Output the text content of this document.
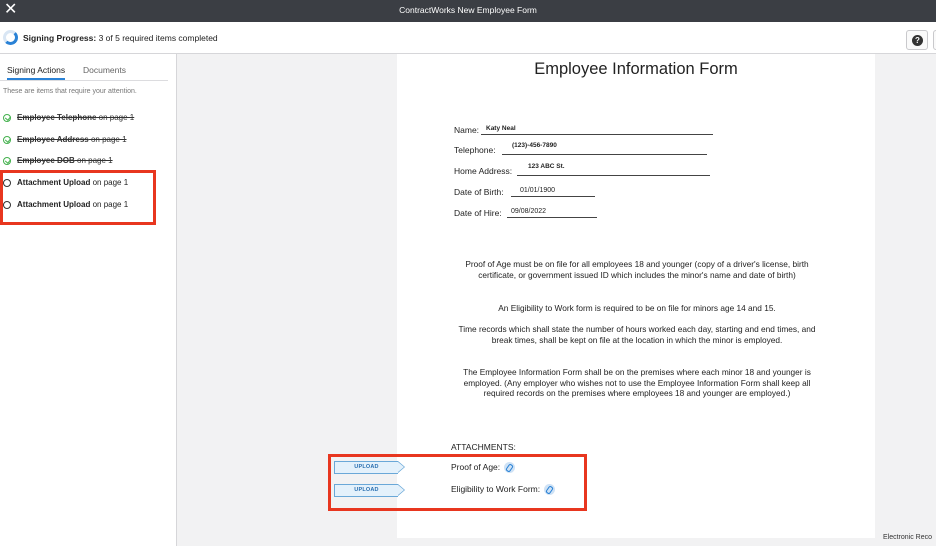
✕	ContractWorks New Employee Form
Signing Progress: 3 of 5 required items completed	?
Signing Actions Documents
These are items that require your attention.
Employee Telephone on page 1
Employee Address on page 1
Employee DOB on page 1
Attachment Upload on page 1
Attachment Upload on page 1
Employee Information Form
Name: Katy Neal
Telephone:	(123)-456-7890
Home Address: 123 ABC St.
Date of Birth: 01/01/1900
Date of Hire: 09/08/2022
Proof of Age must be on file for all employees 18 and younger (copy of a driver's license, birth certificate, or government issued ID which includes the minor's name and date of birth)
An Eligibility to Work form is required to be on file for minors age 14 and 15.
Time records which shall state the number of hours worked each day, starting and end times, and break times, shall be kept on file at the location in which the minor is employed.
The Employee Information Form shall be on the premises where each minor 18 and younger is employed. (Any employer who wishes not to use the Employee Information Form shall keep all required records on the premises where employees 18 and younger are employed.)
ATTACHMENTS:
Proof of Age:
Eligibility to Work Form:
UPLOAD
UPLOAD
Electronic Reco
